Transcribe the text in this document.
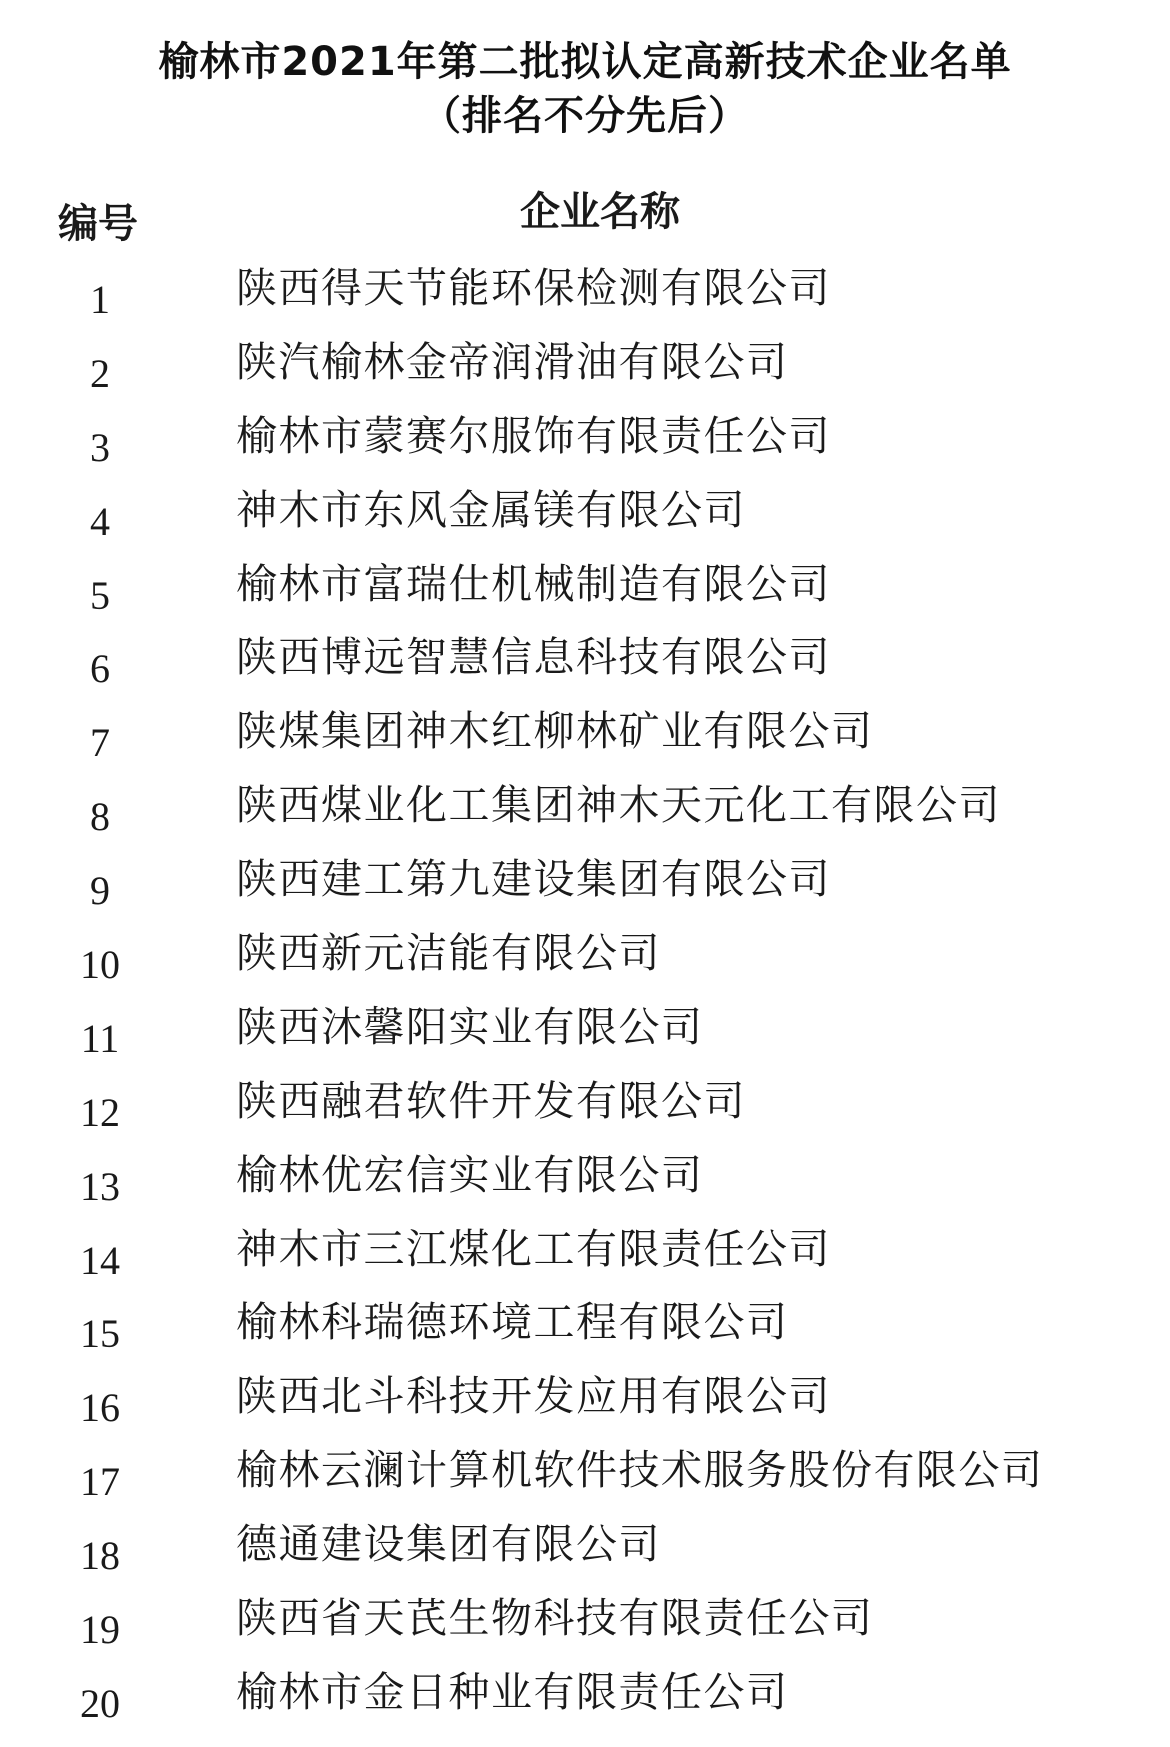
榆林市2021年第二批拟认定高新技术企业名单
（排名不分先后）
编号	企业名称
1	陕西得天节能环保检测有限公司
2	陕汽榆林金帝润滑油有限公司
3	榆林市蒙赛尔服饰有限责任公司
4	神木市东风金属镁有限公司
5	榆林市富瑞仕机械制造有限公司
6	陕西博远智慧信息科技有限公司
7	陕煤集团神木红柳林矿业有限公司
8	陕西煤业化工集团神木天元化工有限公司
9	陕西建工第九建设集团有限公司
10	陕西新元洁能有限公司
11	陕西沐馨阳实业有限公司
12	陕西融君软件开发有限公司
13	榆林优宏信实业有限公司
14	神木市三江煤化工有限责任公司
15	榆林科瑞德环境工程有限公司
16	陕西北斗科技开发应用有限公司
17	榆林云澜计算机软件技术服务股份有限公司
18	德通建设集团有限公司
19	陕西省天芪生物科技有限责任公司
20	榆林市金日种业有限责任公司
